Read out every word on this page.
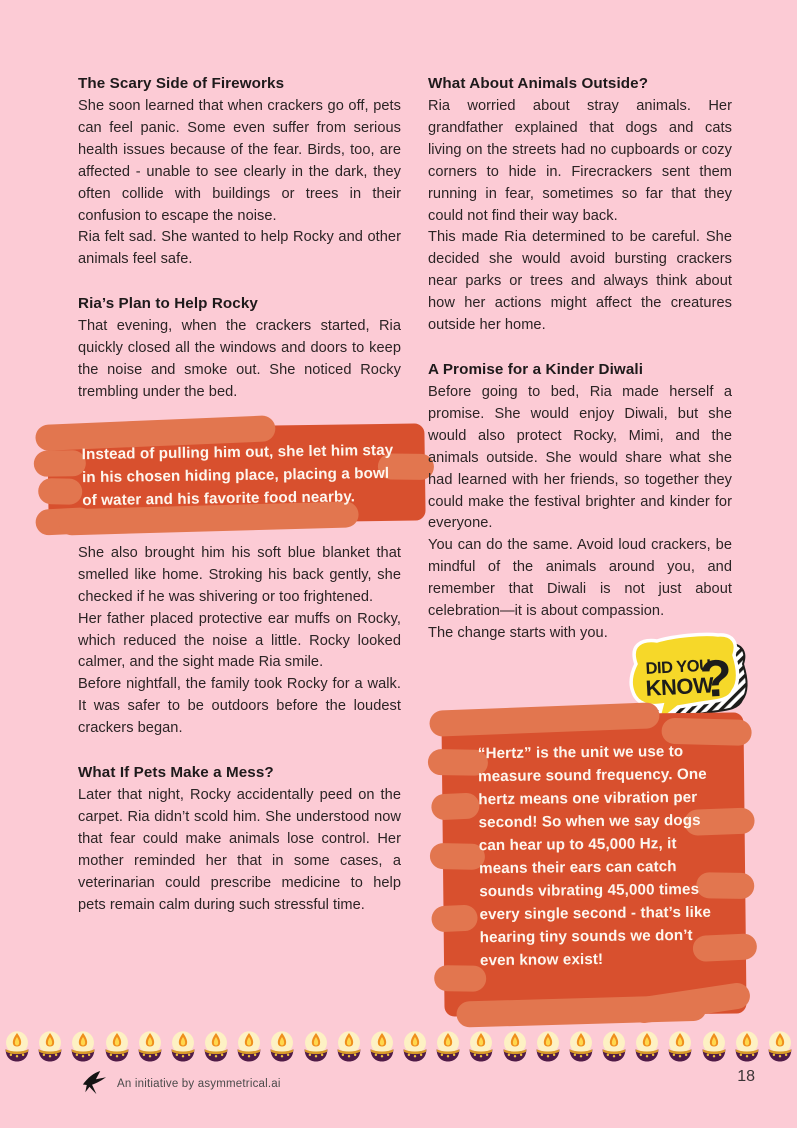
The Scary Side of Fireworks

She soon learned that when crackers go off, pets can feel panic. Some even suffer from serious health issues because of the fear. Birds, too, are affected - unable to see clearly in the dark, they often collide with buildings or trees in their confusion to escape the noise.

Ria felt sad. She wanted to help Rocky and other animals feel safe.

Ria’s Plan to Help Rocky

That evening, when the crackers started, Ria quickly closed all the windows and doors to keep the noise and smoke out. She noticed Rocky trembling under the bed.

Instead of pulling him out, she let him stay in his chosen hiding place, placing a bowl of water and his favorite food nearby.

She also brought him his soft blue blanket that smelled like home. Stroking his back gently, she checked if he was shivering or too frightened.

Her father placed protective ear muffs on Rocky, which reduced the noise a little. Rocky looked calmer, and the sight made Ria smile.

Before nightfall, the family took Rocky for a walk. It was safer to be outdoors before the loudest crackers began.

What If Pets Make a Mess?

Later that night, Rocky accidentally peed on the carpet. Ria didn’t scold him. She understood now that fear could make animals lose control. Her mother reminded her that in some cases, a veterinarian could prescribe medicine to help pets remain calm during such stressful time.

What About Animals Outside?

Ria worried about stray animals. Her grandfather explained that dogs and cats living on the streets had no cupboards or cozy corners to hide in. Firecrackers sent them running in fear, sometimes so far that they could not find their way back.

This made Ria determined to be careful. She decided she would avoid bursting crackers near parks or trees and always think about how her actions might affect the creatures outside her home.

A Promise for a Kinder Diwali

Before going to bed, Ria made herself a promise. She would enjoy Diwali, but she would also protect Rocky, Mimi, and the animals outside. She would share what she had learned with her friends, so together they could make the festival brighter and kinder for everyone.

You can do the same. Avoid loud crackers, be mindful of the animals around you, and remember that Diwali is not just about celebration—it is about compassion.

The change starts with you.

DID YOU
KNOW
?
“Hertz” is the unit we use to measure sound frequency. One hertz means one vibration per second! So when we say dogs can hear up to 45,000 Hz, it means their ears can catch sounds vibrating 45,000 times every single second - that’s like hearing tiny sounds we don’t even know exist!
An initiative by asymmetrical.ai	18
